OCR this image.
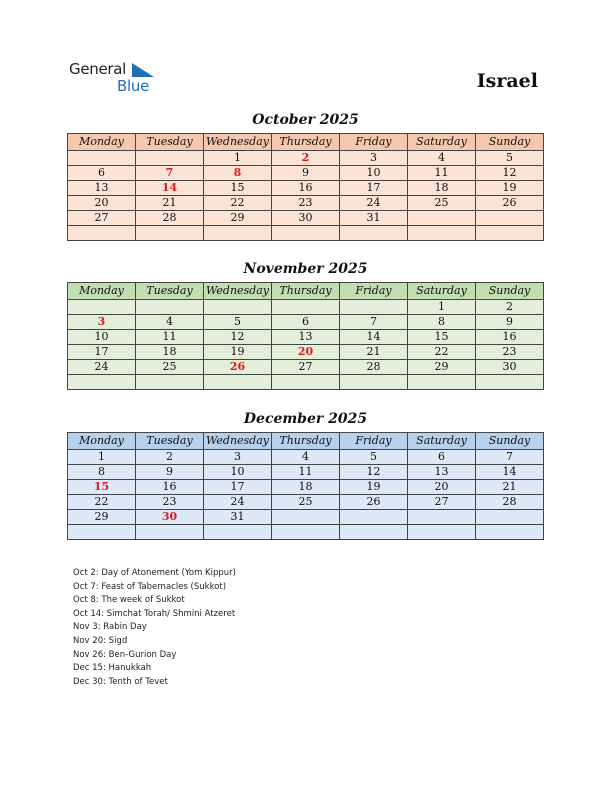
General
Blue	Israel
October 2025
Monday	Tuesday	Wednesday	Thursday	Friday	Saturday	Sunday
		1	2	3	4	5
6	7	8	9	10	11	12
13	14	15	16	17	18	19
20	21	22	23	24	25	26
27	28	29	30	31		

November 2025
Monday	Tuesday	Wednesday	Thursday	Friday	Saturday	Sunday
					1	2
3	4	5	6	7	8	9
10	11	12	13	14	15	16
17	18	19	20	21	22	23
24	25	26	27	28	29	30

December 2025
Monday	Tuesday	Wednesday	Thursday	Friday	Saturday	Sunday
1	2	3	4	5	6	7
8	9	10	11	12	13	14
15	16	17	18	19	20	21
22	23	24	25	26	27	28
29	30	31				

Oct 2: Day of Atonement (Yom Kippur)
Oct 7: Feast of Tabernacles (Sukkot)
Oct 8: The week of Sukkot
Oct 14: Simchat Torah/ Shmini Atzeret
Nov 3: Rabin Day
Nov 20: Sigd
Nov 26: Ben-Gurion Day
Dec 15: Hanukkah
Dec 30: Tenth of Tevet
